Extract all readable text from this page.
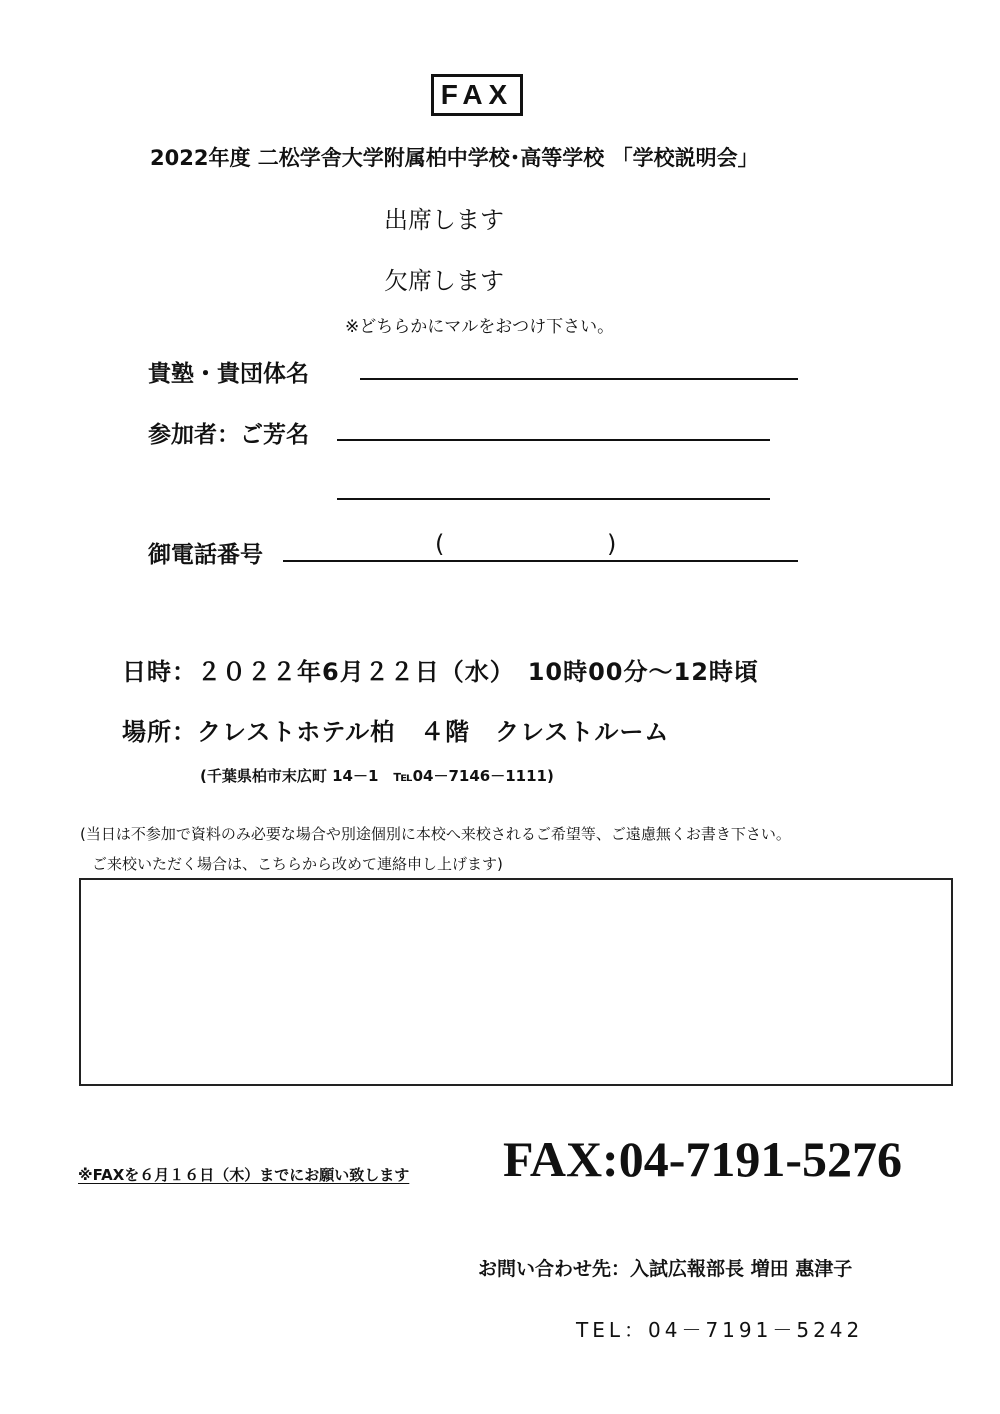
FAX
2022年度 二松学舎大学附属柏中学校･高等学校 「学校説明会」
出席します
欠席します
※どちらかにマルをおつけ下さい。
貴塾・貴団体名
参加者：ご芳名
御電話番号	(	)
日時：２０２２年6月２２日（水）　10時00分～12時頃
場所：クレストホテル柏　４階　クレストルーム
(千葉県柏市末広町 14－1　℡04－7146－1111)
(当日は不参加で資料のみ必要な場合や別途個別に本校へ来校されるご希望等、ご遠慮無くお書き下さい。
ご来校いただく場合は、こちらから改めて連絡申し上げます)
※FAXを６月１６日（木）までにお願い致します FAX:04-7191-5276
お問い合わせ先：入試広報部長 増田 惠津子
TEL：04－7191－5242
